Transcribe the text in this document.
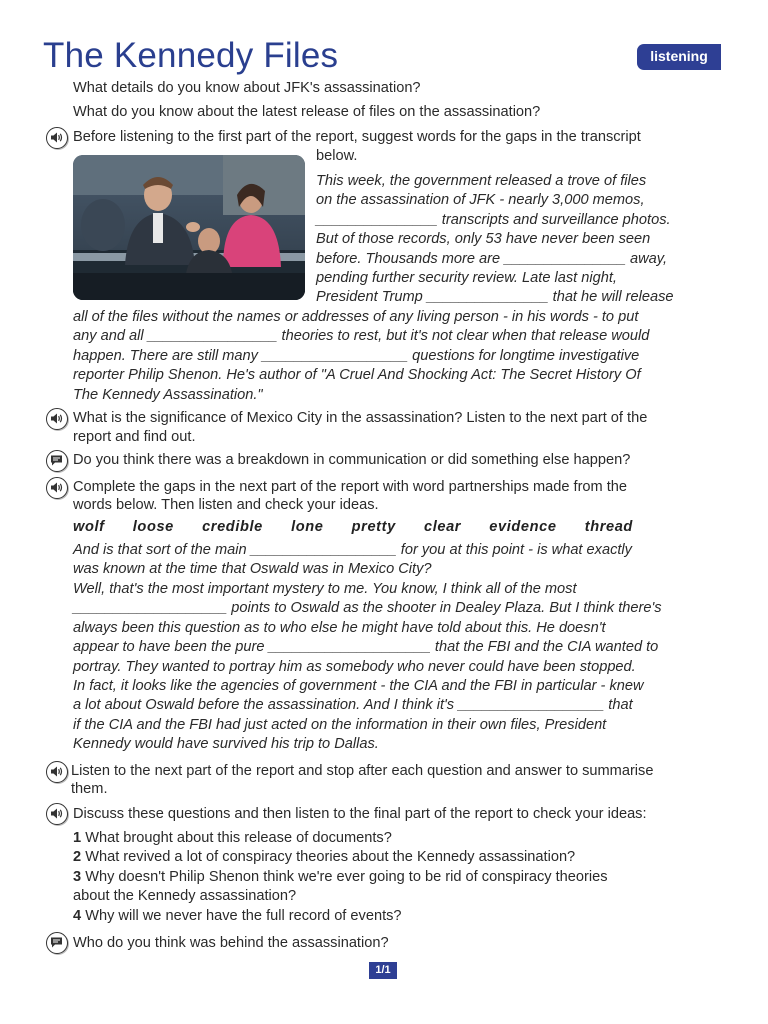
The Kennedy Files	listening
What details do you know about JFK's assassination?
What do you know about the latest release of files on the assassination?
Before listening to the first part of the report, suggest words for the gaps in the transcript
below.
This week, the government released a trove of files
on the assassination of JFK - nearly 3,000 memos,
_______________ transcripts and surveillance photos.
But of those records, only 53 have never been seen
before. Thousands more are _______________ away,
pending further security review. Late last night,
President Trump _______________ that he will release
all of the files without the names or addresses of any living person - in his words - to put
any and all ________________ theories to rest, but it's not clear when that release would
happen. There are still many __________________ questions for longtime investigative
reporter Philip Shenon. He's author of "A Cruel And Shocking Act: The Secret History Of
The Kennedy Assassination."
What is the significance of Mexico City in the assassination? Listen to the next part of the
report and find out.
Do you think there was a breakdown in communication or did something else happen?
Complete the gaps in the next part of the report with word partnerships made from the
words below. Then listen and check your ideas.
wolf loose credible lone pretty clear evidence thread
And is that sort of the main __________________ for you at this point - is what exactly
was known at the time that Oswald was in Mexico City?
Well, that's the most important mystery to me. You know, I think all of the most
___________________ points to Oswald as the shooter in Dealey Plaza. But I think there's
always been this question as to who else he might have told about this. He doesn't
appear to have been the pure ____________________ that the FBI and the CIA wanted to
portray. They wanted to portray him as somebody who never could have been stopped.
In fact, it looks like the agencies of government - the CIA and the FBI in particular - knew
a lot about Oswald before the assassination. And I think it's __________________ that
if the CIA and the FBI had just acted on the information in their own files, President
Kennedy would have survived his trip to Dallas.
Listen to the next part of the report and stop after each question and answer to summarise
them.
Discuss these questions and then listen to the final part of the report to check your ideas:
1 What brought about this release of documents?
2 What revived a lot of conspiracy theories about the Kennedy assassination?
3 Why doesn't Philip Shenon think we're ever going to be rid of conspiracy theories
about the Kennedy assassination?
4 Why will we never have the full record of events?
Who do you think was behind the assassination?
1/1
